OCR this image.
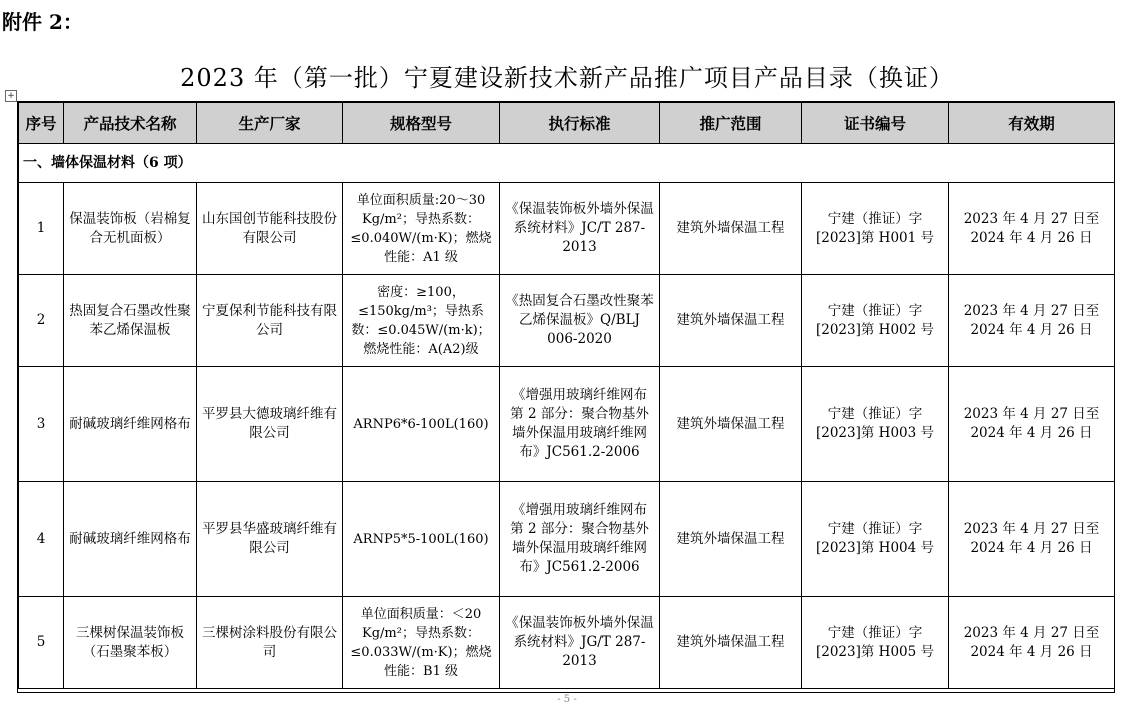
附件 2：
2023 年（第一批）宁夏建设新技术新产品推广项目产品目录（换证）
+
序号	产品技术名称	生产厂家	规格型号	执行标准	推广范围	证书编号	有效期
一、墙体保温材料（6 项）							
1	保温装饰板（岩棉复合无机面板）	山东国创节能科技股份有限公司	单位面积质量:20～30 Kg/m²；导热系数：≤0.040W/(m·K)；燃烧性能：A1 级	《保温装饰板外墙外保温系统材料》JC/T 287-2013	建筑外墙保温工程	宁建（推证）字[2023]第 H001 号	2023 年 4 月 27 日至 2024 年 4 月 26 日
2	热固复合石墨改性聚苯乙烯保温板	宁夏保利节能科技有限公司	密度：≥100，≤150kg/m³；导热系数：≤0.045W/(m·k)；燃烧性能：A(A2)级	《热固复合石墨改性聚苯乙烯保温板》Q/BLJ 006-2020	建筑外墙保温工程	宁建（推证）字[2023]第 H002 号	2023 年 4 月 27 日至 2024 年 4 月 26 日
3	耐碱玻璃纤维网格布	平罗县大德玻璃纤维有限公司	ARNP6*6-100L(160)	《增强用玻璃纤维网布 第 2 部分：聚合物基外墙外保温用玻璃纤维网布》JC561.2-2006	建筑外墙保温工程	宁建（推证）字[2023]第 H003 号	2023 年 4 月 27 日至 2024 年 4 月 26 日
4	耐碱玻璃纤维网格布	平罗县华盛玻璃纤维有限公司	ARNP5*5-100L(160)	《增强用玻璃纤维网布 第 2 部分：聚合物基外墙外保温用玻璃纤维网布》JC561.2-2006	建筑外墙保温工程	宁建（推证）字[2023]第 H004 号	2023 年 4 月 27 日至 2024 年 4 月 26 日
5	三棵树保温装饰板（石墨聚苯板）	三棵树涂料股份有限公司	单位面积质量：＜20 Kg/m²；导热系数：≤0.033W/(m·K)；燃烧性能：B1 级	《保温装饰板外墙外保温系统材料》JG/T 287-2013	建筑外墙保温工程	宁建（推证）字[2023]第 H005 号	2023 年 4 月 27 日至 2024 年 4 月 26 日
- 5 -
